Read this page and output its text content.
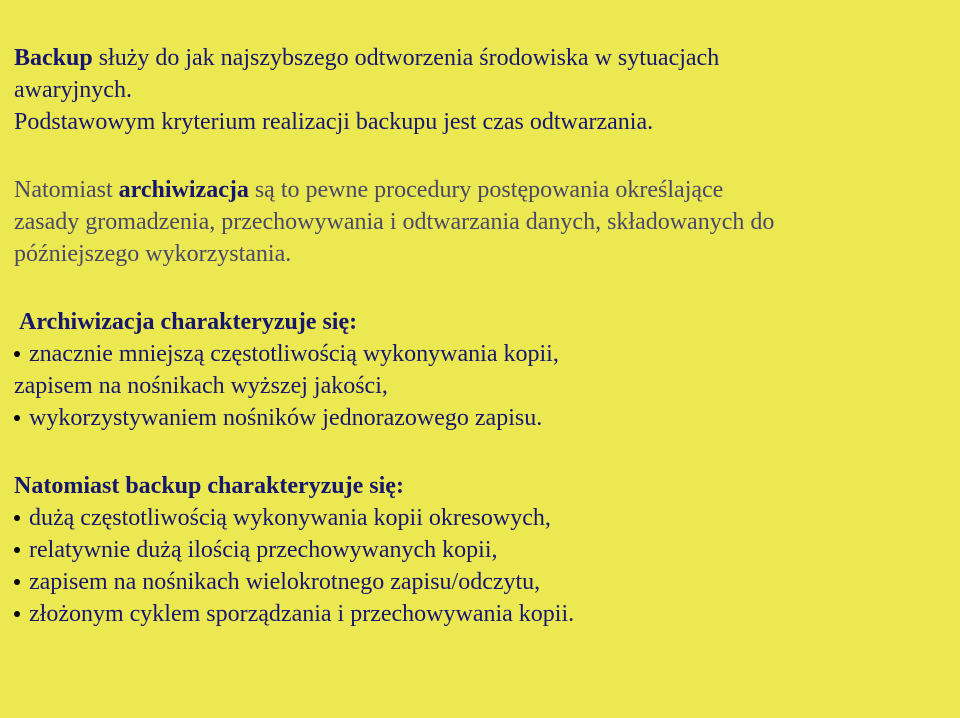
Backup służy do jak najszybszego odtworzenia środowiska w sytuacjach
awaryjnych.
Podstawowym kryterium realizacji backupu jest czas odtwarzania.
Natomiast archiwizacja są to pewne procedury postępowania określające
zasady gromadzenia, przechowywania i odtwarzania danych, składowanych do
późniejszego wykorzystania.
Archiwizacja charakteryzuje się:
znacznie mniejszą częstotliwością wykonywania kopii,
zapisem na nośnikach wyższej jakości,
wykorzystywaniem nośników jednorazowego zapisu.
Natomiast backup charakteryzuje się:
dużą częstotliwością wykonywania kopii okresowych,
relatywnie dużą ilością przechowywanych kopii,
zapisem na nośnikach wielokrotnego zapisu/odczytu,
złożonym cyklem sporządzania i przechowywania kopii.
